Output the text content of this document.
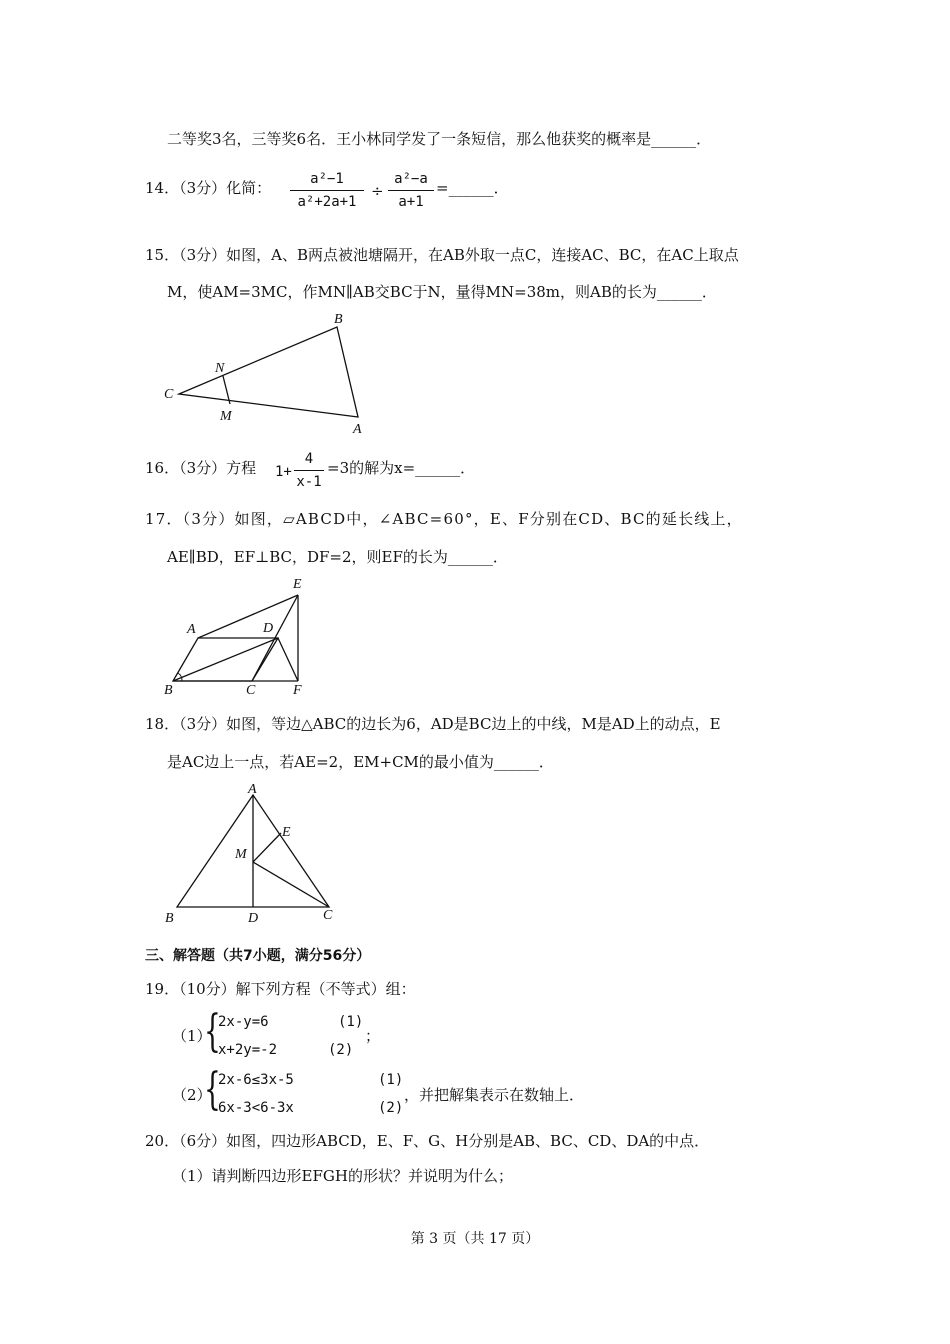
二等奖3名，三等奖6名．王小林同学发了一条短信，那么他获奖的概率是______．
14．（3分）化简：	a²−1
a²+2a+1
÷
a²−a
a+1
=______．
15．（3分）如图，A、B两点被池塘隔开，在AB外取一点C，连接AC、BC，在AC上取点
M，使AM=3MC，作MN∥AB交BC于N，量得MN=38m，则AB的长为______．
B
N
C
M
A
16．（3分）方程 1+
4
x-1
=3的解为x=______．
17．（3分）如图，▱ABCD中，∠ABC=60°，E、F分别在CD、BC的延长线上，
AE∥BD，EF⊥BC，DF=2，则EF的长为______．
E
A	D
B	C	F
18．（3分）如图，等边△ABC的边长为6，AD是BC边上的中线，M是AD上的动点，E
是AC边上一点，若AE=2，EM+CM的最小值为______．
A
E
M
B	D	C
三、解答题（共7小题，满分56分）
19．（10分）解下列方程（不等式）组：
（1）
{
2x-y=6	(1)
x+2y=-2	(2)
；
（2）
{
2x-6≤3x-5	(1)
6x-3<6-3x	(2)
，并把解集表示在数轴上．
20．（6分）如图，四边形ABCD，E、F、G、H分别是AB、BC、CD、DA的中点．
（1）请判断四边形EFGH的形状？并说明为什么；
第 3 页（共 17 页）
